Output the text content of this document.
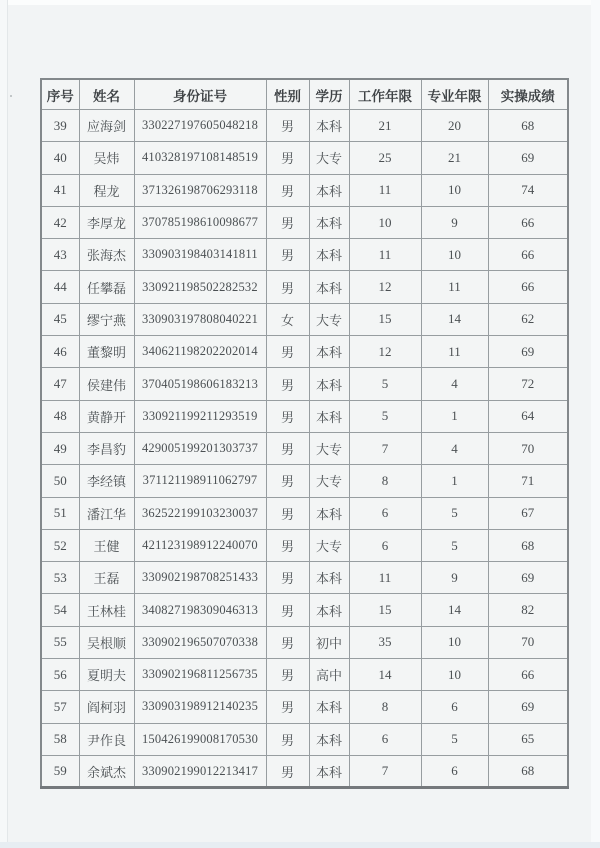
序号	姓名	身份证号	性别	学历	工作年限	专业年限	实操成绩
39	应海剑	330227197605048218	男	本科	21	20	68
40	吴炜	410328197108148519	男	大专	25	21	69
41	程龙	371326198706293118	男	本科	11	10	74
42	李厚龙	370785198610098677	男	本科	10	9	66
43	张海杰	330903198403141811	男	本科	11	10	66
44	任攀磊	330921198502282532	男	本科	12	11	66
45	缪宁燕	330903197808040221	女	大专	15	14	62
46	董黎明	340621198202202014	男	本科	12	11	69
47	侯建伟	370405198606183213	男	本科	5	4	72
48	黄静开	330921199211293519	男	本科	5	1	64
49	李昌豹	429005199201303737	男	大专	7	4	70
50	李经镇	371121198911062797	男	大专	8	1	71
51	潘江华	362522199103230037	男	本科	6	5	67
52	王健	421123198912240070	男	大专	6	5	68
53	王磊	330902198708251433	男	本科	11	9	69
54	王林桂	340827198309046313	男	本科	15	14	82
55	吴根顺	330902196507070338	男	初中	35	10	70
56	夏明夫	330902196811256735	男	高中	14	10	66
57	阎柯羽	330903198912140235	男	本科	8	6	69
58	尹作良	150426199008170530	男	本科	6	5	65
59	余斌杰	330902199012213417	男	本科	7	6	68
